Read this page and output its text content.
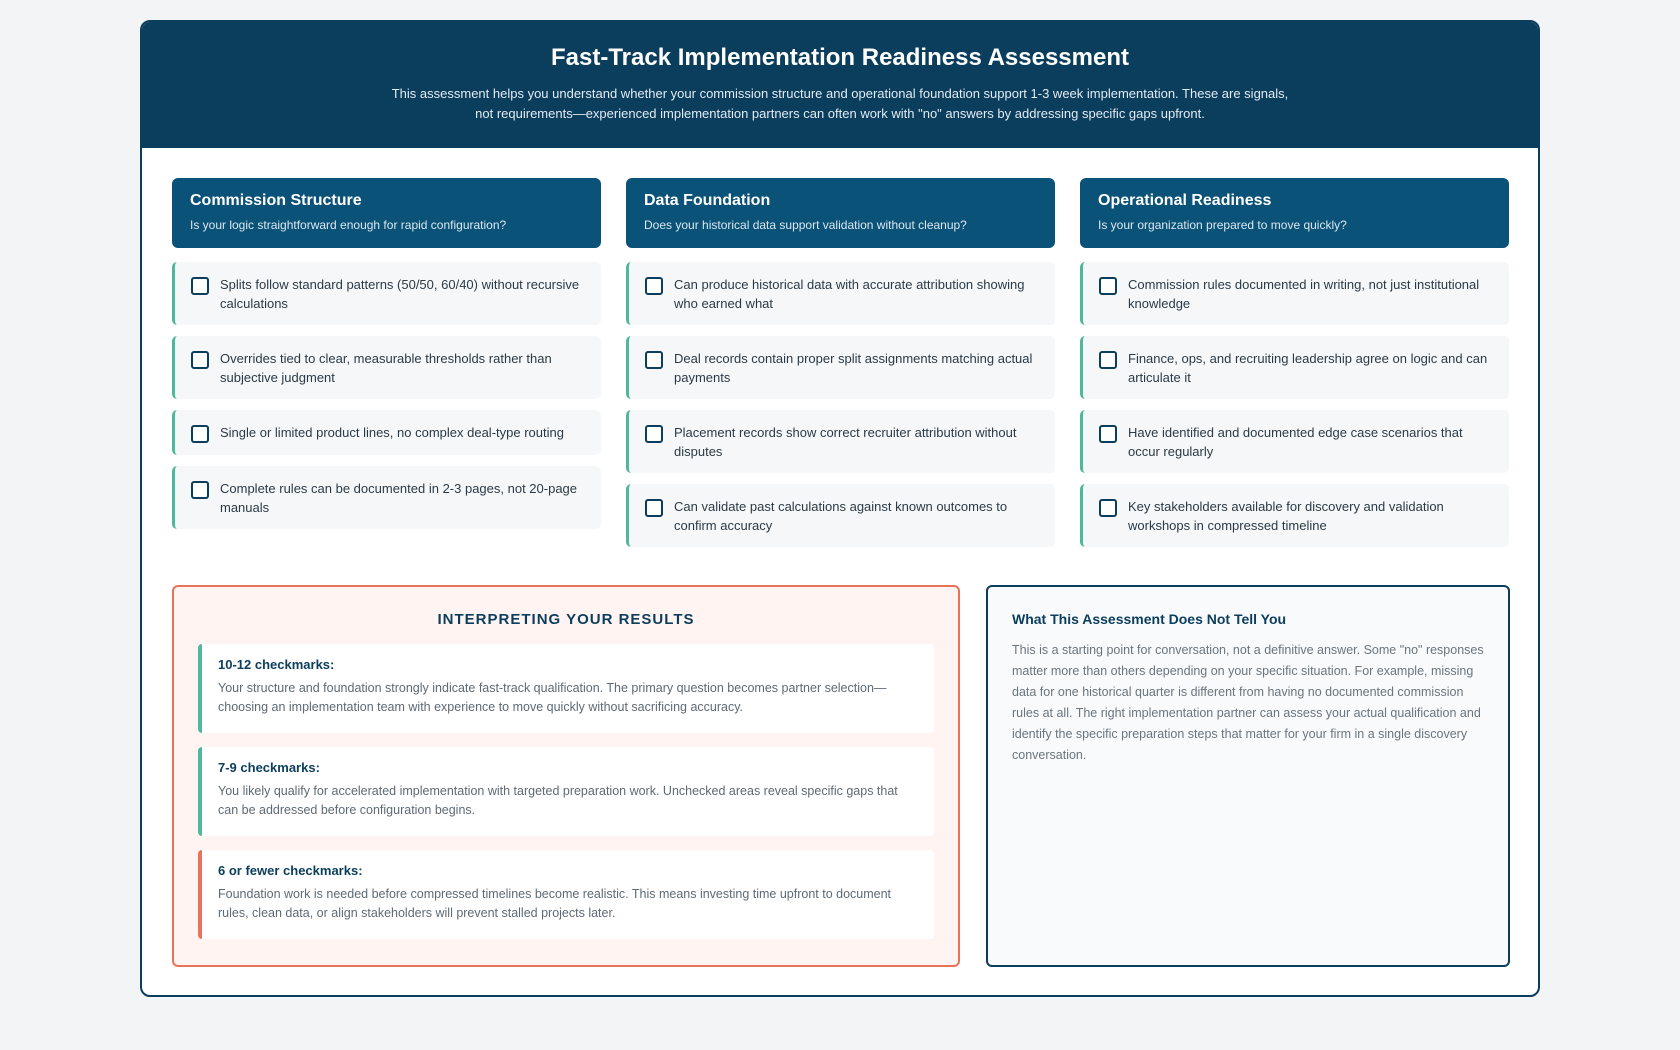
Fast-Track Implementation Readiness Assessment

This assessment helps you understand whether your commission structure and operational foundation support 1-3 week implementation. These are signals, not requirements—experienced implementation partners can often work with "no" answers by addressing specific gaps upfront.

Commission Structure

Is your logic straightforward enough for rapid configuration?

Splits follow standard patterns (50/50, 60/40) without recursive calculations
Overrides tied to clear, measurable thresholds rather than subjective judgment
Single or limited product lines, no complex deal-type routing
Complete rules can be documented in 2-3 pages, not 20-page manuals
Data Foundation

Does your historical data support validation without cleanup?

Can produce historical data with accurate attribution showing who earned what
Deal records contain proper split assignments matching actual payments
Placement records show correct recruiter attribution without disputes
Can validate past calculations against known outcomes to confirm accuracy
Operational Readiness

Is your organization prepared to move quickly?

Commission rules documented in writing, not just institutional knowledge
Finance, ops, and recruiting leadership agree on logic and can articulate it
Have identified and documented edge case scenarios that occur regularly
Key stakeholders available for discovery and validation workshops in compressed timeline
INTERPRETING YOUR RESULTS
10-12 checkmarks:

Your structure and foundation strongly indicate fast-track qualification. The primary question becomes partner selection—choosing an implementation team with experience to move quickly without sacrificing accuracy.

7-9 checkmarks:

You likely qualify for accelerated implementation with targeted preparation work. Unchecked areas reveal specific gaps that can be addressed before configuration begins.

6 or fewer checkmarks:

Foundation work is needed before compressed timelines become realistic. This means investing time upfront to document rules, clean data, or align stakeholders will prevent stalled projects later.

What This Assessment Does Not Tell You

This is a starting point for conversation, not a definitive answer. Some "no" responses matter more than others depending on your specific situation. For example, missing data for one historical quarter is different from having no documented commission rules at all. The right implementation partner can assess your actual qualification and identify the specific preparation steps that matter for your firm in a single discovery conversation.
